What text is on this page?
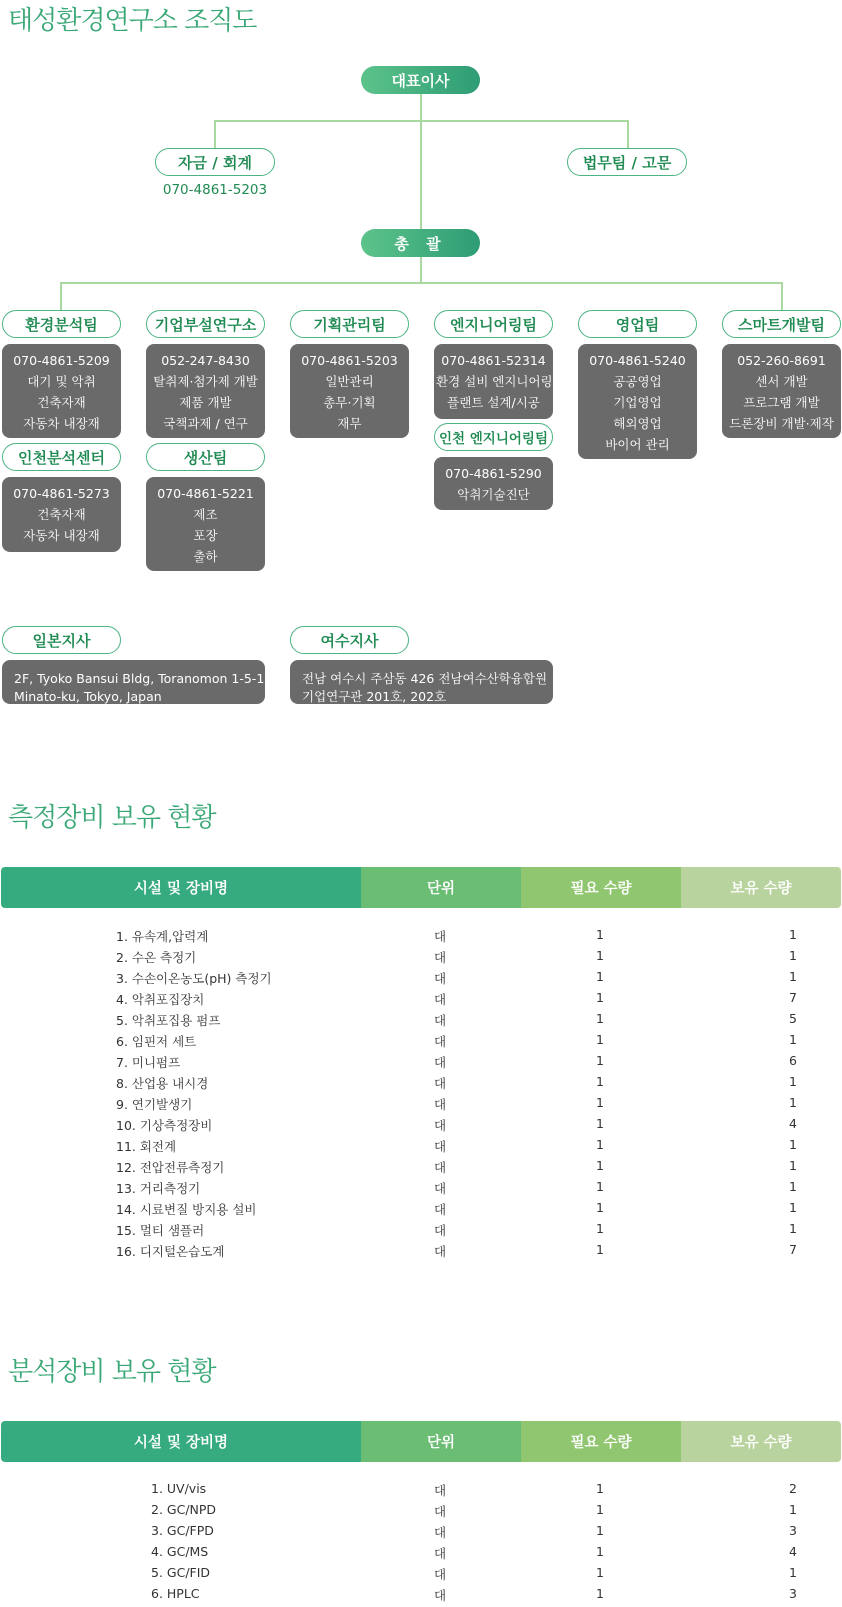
태성환경연구소 조직도
대표이사
자금 / 회계
070-4861-5203
법무팀 / 고문
총 괄
환경분석팀
070-4861-5209
대기 및 악취
건축자재
자동차 내장재
기업부설연구소
052-247-8430
탈취제·첨가제 개발
제품 개발
국책과제 / 연구
기획관리팀
070-4861-5203
일반관리
총무·기획
재무
엔지니어링팀
070-4861-52314
환경 설비 엔지니어링
플랜트 설계/시공
영업팀
070-4861-5240
공공영업
기업영업
해외영업
바이어 관리
스마트개발팀
052-260-8691
센서 개발
프로그램 개발
드론장비 개발·제작
인천분석센터
070-4861-5273
건축자재
자동차 내장재
생산팀
070-4861-5221
제조
포장
출하
인천 엔지니어링팀
070-4861-5290
악취기술진단
일본지사
2F, Tyoko Bansui Bldg, Toranomon 1-5-16,
Minato-ku, Tokyo, Japan
여수지사
전남 여수시 주삼동 426 전남여수산학융합원
기업연구관 201호, 202호
측정장비 보유 현황
시설 및 장비명	단위	필요 수량	보유 수량
1. 유속계,압력계	대	1	1
2. 수온 측정기	대	1	1
3. 수손이온농도(pH) 측정기	대	1	1
4. 악취포집장치	대	1	7
5. 악취포집용 펌프	대	1	5
6. 임핀저 세트	대	1	1
7. 미니펌프	대	1	6
8. 산업용 내시경	대	1	1
9. 연기발생기	대	1	1
10. 기상측정장비	대	1	4
11. 회전계	대	1	1
12. 전압전류측정기	대	1	1
13. 거리측정기	대	1	1
14. 시료변질 방지용 설비	대	1	1
15. 멀티 샘플러	대	1	1
16. 디지털온습도계	대	1	7
분석장비 보유 현황
시설 및 장비명	단위	필요 수량	보유 수량
1. UV/vis	대	1	2
2. GC/NPD	대	1	1
3. GC/FPD	대	1	3
4. GC/MS	대	1	4
5. GC/FID	대	1	1
6. HPLC	대	1	3
